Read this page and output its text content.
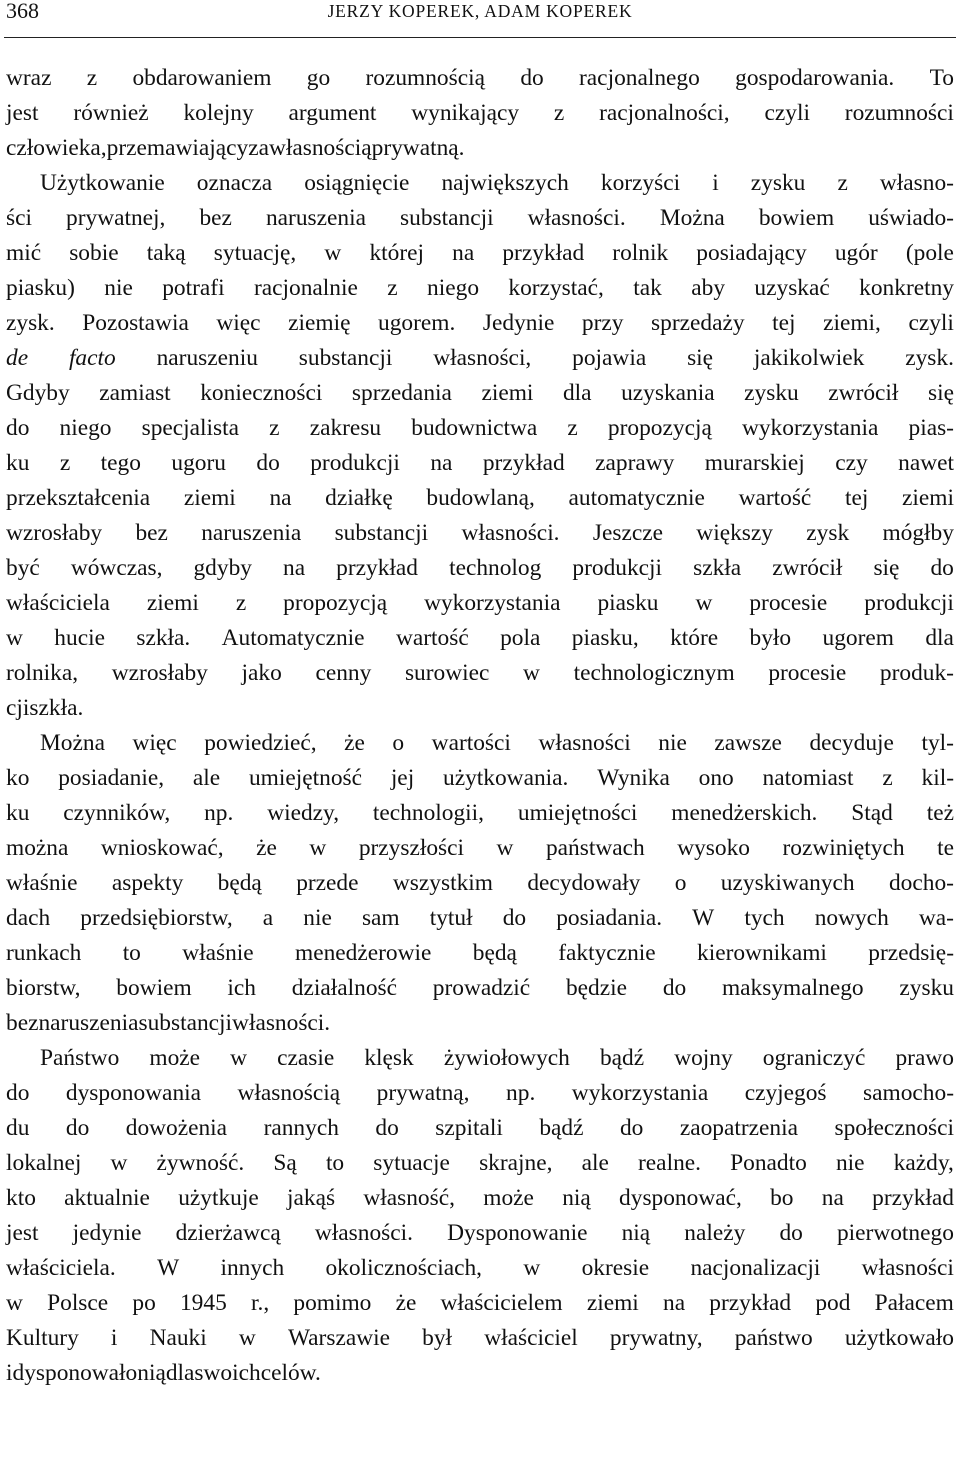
368	JERZY KOPEREK, ADAM KOPEREK
wraz z obdarowaniem go rozumnością do racjonalnego gospodarowania. To
jest również kolejny argument wynikający z racjonalności, czyli rozumności
człowieka, przemawiający za własnością prywatną.
Użytkowanie oznacza osiągnięcie największych korzyści i zysku z własno-
ści prywatnej, bez naruszenia substancji własności. Można bowiem uświado-
mić sobie taką sytuację, w której na przykład rolnik posiadający ugór (pole
piasku) nie potrafi racjonalnie z niego korzystać, tak aby uzyskać konkretny
zysk. Pozostawia więc ziemię ugorem. Jedynie przy sprzedaży tej ziemi, czyli
de facto naruszeniu substancji własności, pojawia się jakikolwiek zysk.
Gdyby zamiast konieczności sprzedania ziemi dla uzyskania zysku zwrócił się
do niego specjalista z zakresu budownictwa z propozycją wykorzystania pias-
ku z tego ugoru do produkcji na przykład zaprawy murarskiej czy nawet
przekształcenia ziemi na działkę budowlaną, automatycznie wartość tej ziemi
wzrosłaby bez naruszenia substancji własności. Jeszcze większy zysk mógłby
być wówczas, gdyby na przykład technolog produkcji szkła zwrócił się do
właściciela ziemi z propozycją wykorzystania piasku w procesie produkcji
w hucie szkła. Automatycznie wartość pola piasku, które było ugorem dla
rolnika, wzrosłaby jako cenny surowiec w technologicznym procesie produk-
cji szkła.
Można więc powiedzieć, że o wartości własności nie zawsze decyduje tyl-
ko posiadanie, ale umiejętność jej użytkowania. Wynika ono natomiast z kil-
ku czynników, np. wiedzy, technologii, umiejętności menedżerskich. Stąd też
można wnioskować, że w przyszłości w państwach wysoko rozwiniętych te
właśnie aspekty będą przede wszystkim decydowały o uzyskiwanych docho-
dach przedsiębiorstw, a nie sam tytuł do posiadania. W tych nowych wa-
runkach to właśnie menedżerowie będą faktycznie kierownikami przedsię-
biorstw, bowiem ich działalność prowadzić będzie do maksymalnego zysku
bez naruszenia substancji własności.
Państwo może w czasie klęsk żywiołowych bądź wojny ograniczyć prawo
do dysponowania własnością prywatną, np. wykorzystania czyjegoś samocho-
du do dowożenia rannych do szpitali bądź do zaopatrzenia społeczności
lokalnej w żywność. Są to sytuacje skrajne, ale realne. Ponadto nie każdy,
kto aktualnie użytkuje jakąś własność, może nią dysponować, bo na przykład
jest jedynie dzierżawcą własności. Dysponowanie nią należy do pierwotnego
właściciela. W innych okolicznościach, w okresie nacjonalizacji własności
w Polsce po 1945 r., pomimo że właścicielem ziemi na przykład pod Pałacem
Kultury i Nauki w Warszawie był właściciel prywatny, państwo użytkowało
i dysponowało nią dla swoich celów.
